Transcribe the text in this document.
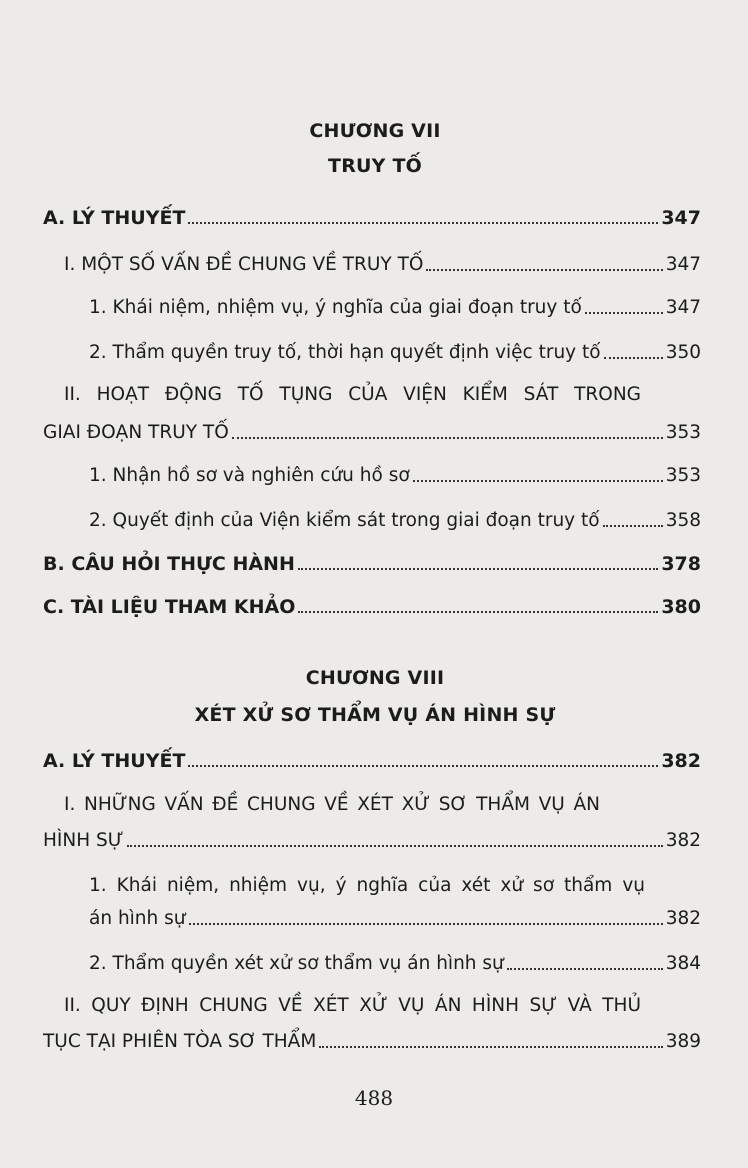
CHƯƠNG VII
TRUY TỐ
A. LÝ THUYẾT	347
I. MỘT SỐ VẤN ĐỀ CHUNG VỀ TRUY TỐ	347
1. Khái niệm, nhiệm vụ, ý nghĩa của giai đoạn truy tố	347
2. Thẩm quyền truy tố, thời hạn quyết định việc truy tố	350
II. HOẠT ĐỘNG TỐ TỤNG CỦA VIỆN KIỂM SÁT TRONG
GIAI ĐOẠN TRUY TỐ	353
1. Nhận hồ sơ và nghiên cứu hồ sơ	353
2. Quyết định của Viện kiểm sát trong giai đoạn truy tố	358
B. CÂU HỎI THỰC HÀNH	378
C. TÀI LIỆU THAM KHẢO	380
CHƯƠNG VIII
XÉT XỬ SƠ THẨM VỤ ÁN HÌNH SỰ
A. LÝ THUYẾT	382
I. NHỮNG VẤN ĐỀ CHUNG VỀ XÉT XỬ SƠ THẨM VỤ ÁN
HÌNH SỰ	382
1. Khái niệm, nhiệm vụ, ý nghĩa của xét xử sơ thẩm vụ
án hình sự	382
2. Thẩm quyền xét xử sơ thẩm vụ án hình sự	384
II. QUY ĐỊNH CHUNG VỀ XÉT XỬ VỤ ÁN HÌNH SỰ VÀ THỦ
TỤC TẠI PHIÊN TÒA SƠ THẨM	389
488
